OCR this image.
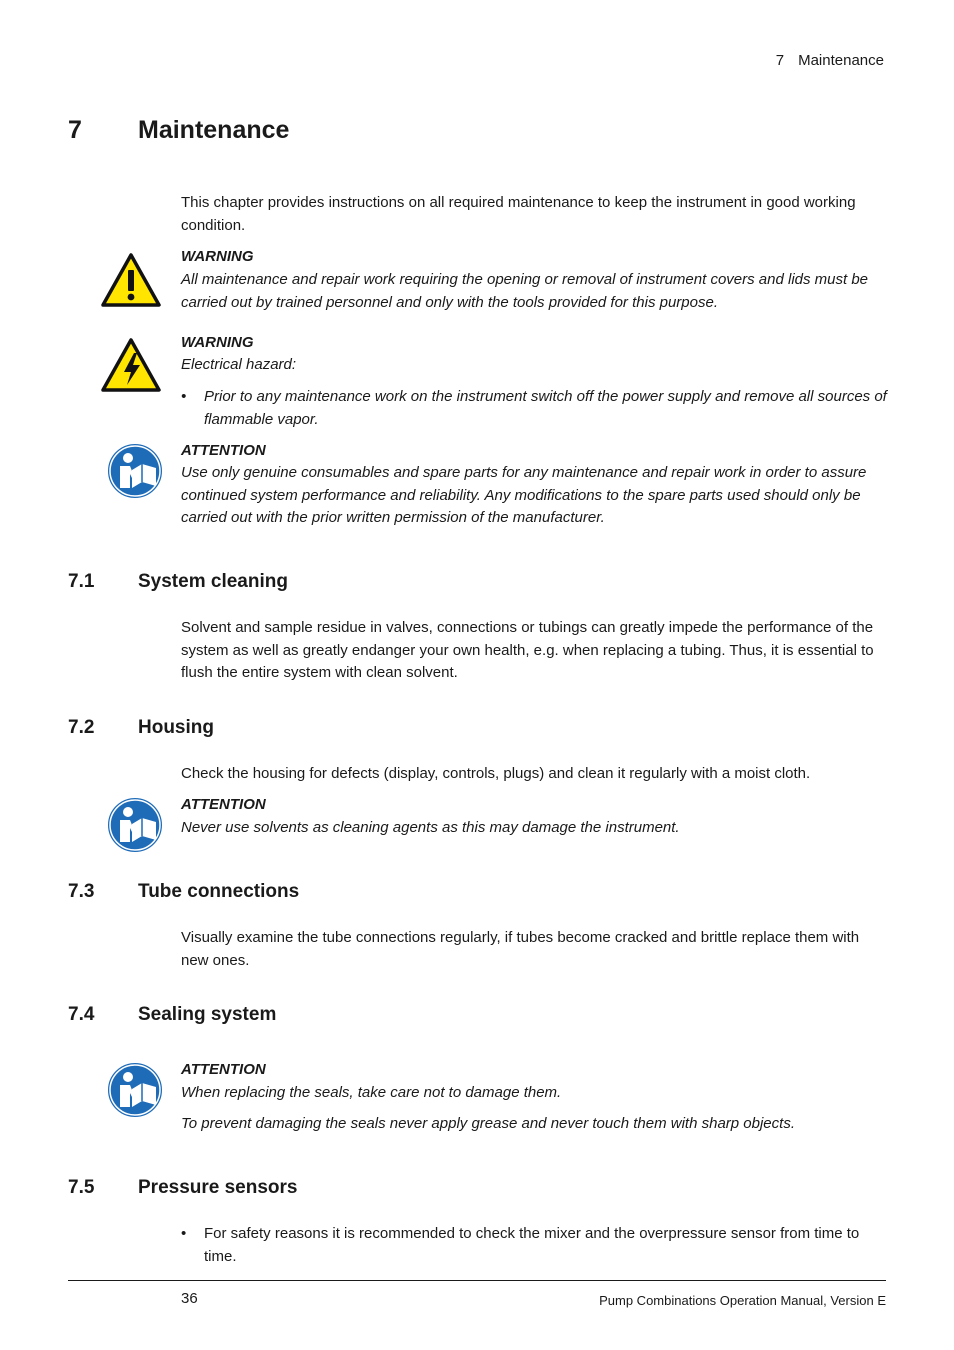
7 Maintenance
7 Maintenance
This chapter provides instructions on all required maintenance to keep the instrument in good working condition.
WARNING
All maintenance and repair work requiring the opening or removal of instrument covers and lids must be carried out by trained personnel and only with the tools provided for this purpose.
WARNING
Electrical hazard:
• Prior to any maintenance work on the instrument switch off the power supply and remove all sources of flammable vapor.
ATTENTION
Use only genuine consumables and spare parts for any maintenance and repair work in order to assure continued system performance and reliability. Any modifications to the spare parts used should only be carried out with the prior written permission of the manufacturer.
7.1 System cleaning
Solvent and sample residue in valves, connections or tubings can greatly impede the performance of the system as well as greatly endanger your own health, e.g. when replacing a tubing. Thus, it is essential to flush the entire system with clean solvent.
7.2 Housing
Check the housing for defects (display, controls, plugs) and clean it regularly with a moist cloth.
ATTENTION
Never use solvents as cleaning agents as this may damage the instrument.
7.3 Tube connections
Visually examine the tube connections regularly, if tubes become cracked and brittle replace them with new ones.
7.4 Sealing system
ATTENTION
When replacing the seals, take care not to damage them.
To prevent damaging the seals never apply grease and never touch them with sharp objects.
7.5 Pressure sensors
• For safety reasons it is recommended to check the mixer and the overpressure sensor from time to time.
36	Pump Combinations Operation Manual, Version E
